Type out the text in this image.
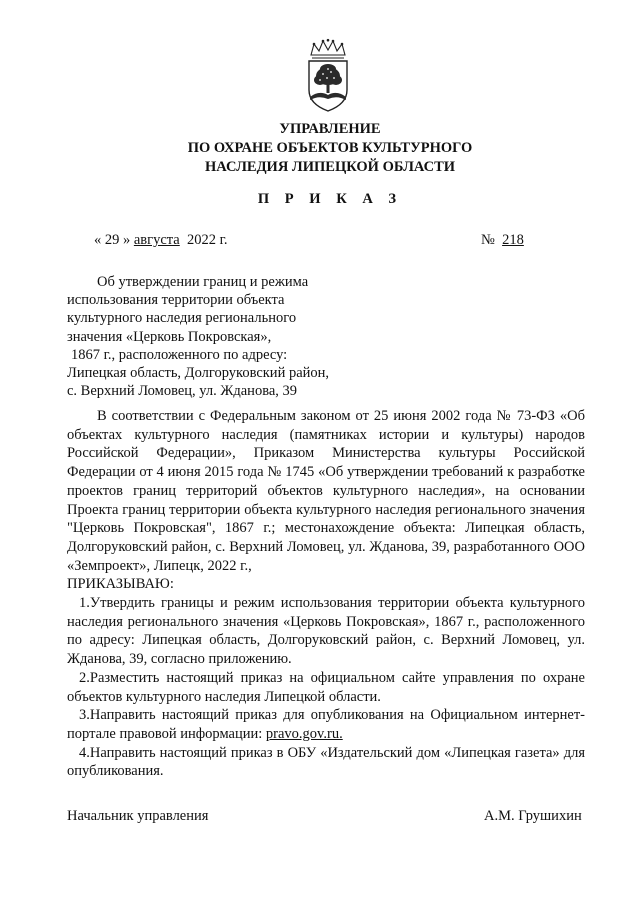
УПРАВЛЕНИЕ
ПО ОХРАНЕ ОБЪЕКТОВ КУЛЬТУРНОГО
НАСЛЕДИЯ ЛИПЕЦКОЙ ОБЛАСТИ
П Р И К А З
« 29 » августа 2022 г.	№ 218
Об утверждении границ и режима
использования территории объекта
культурного наследия регионального
значения «Церковь Покровская»,
1867 г., расположенного по адресу:
Липецкая область, Долгоруковский район,
с. Верхний Ломовец, ул. Жданова, 39

В соответствии с Федеральным законом от 25 июня 2002 года № 73-ФЗ «Об объектах культурного наследия (памятниках истории и культуры) народов Российской Федерации», Приказом Министерства культуры Российской Федерации от 4 июня 2015 года № 1745 «Об утверждении требований к разработке проектов границ территорий объектов культурного наследия», на основании Проекта границ территории объекта культурного наследия регионального значения "Церковь Покровская", 1867 г.; местонахождение объекта: Липецкая область, Долгоруковский район, с. Верхний Ломовец, ул. Жданова, 39, разработанного ООО «Земпроект», Липецк, 2022 г.,

ПРИКАЗЫВАЮ:

1.Утвердить границы и режим использования территории объекта культурного наследия регионального значения «Церковь Покровская», 1867 г., расположенного по адресу: Липецкая область, Долгоруковский район, с. Верхний Ломовец, ул. Жданова, 39, согласно приложению.

2.Разместить настоящий приказ на официальном сайте управления по охране объектов культурного наследия Липецкой области.

3.Направить настоящий приказ для опубликования на Официальном интернет-портале правовой информации: pravo.gov.ru.

4.Направить настоящий приказ в ОБУ «Издательский дом «Липецкая газета» для опубликования.

Начальник управления	А.М. Грушихин
